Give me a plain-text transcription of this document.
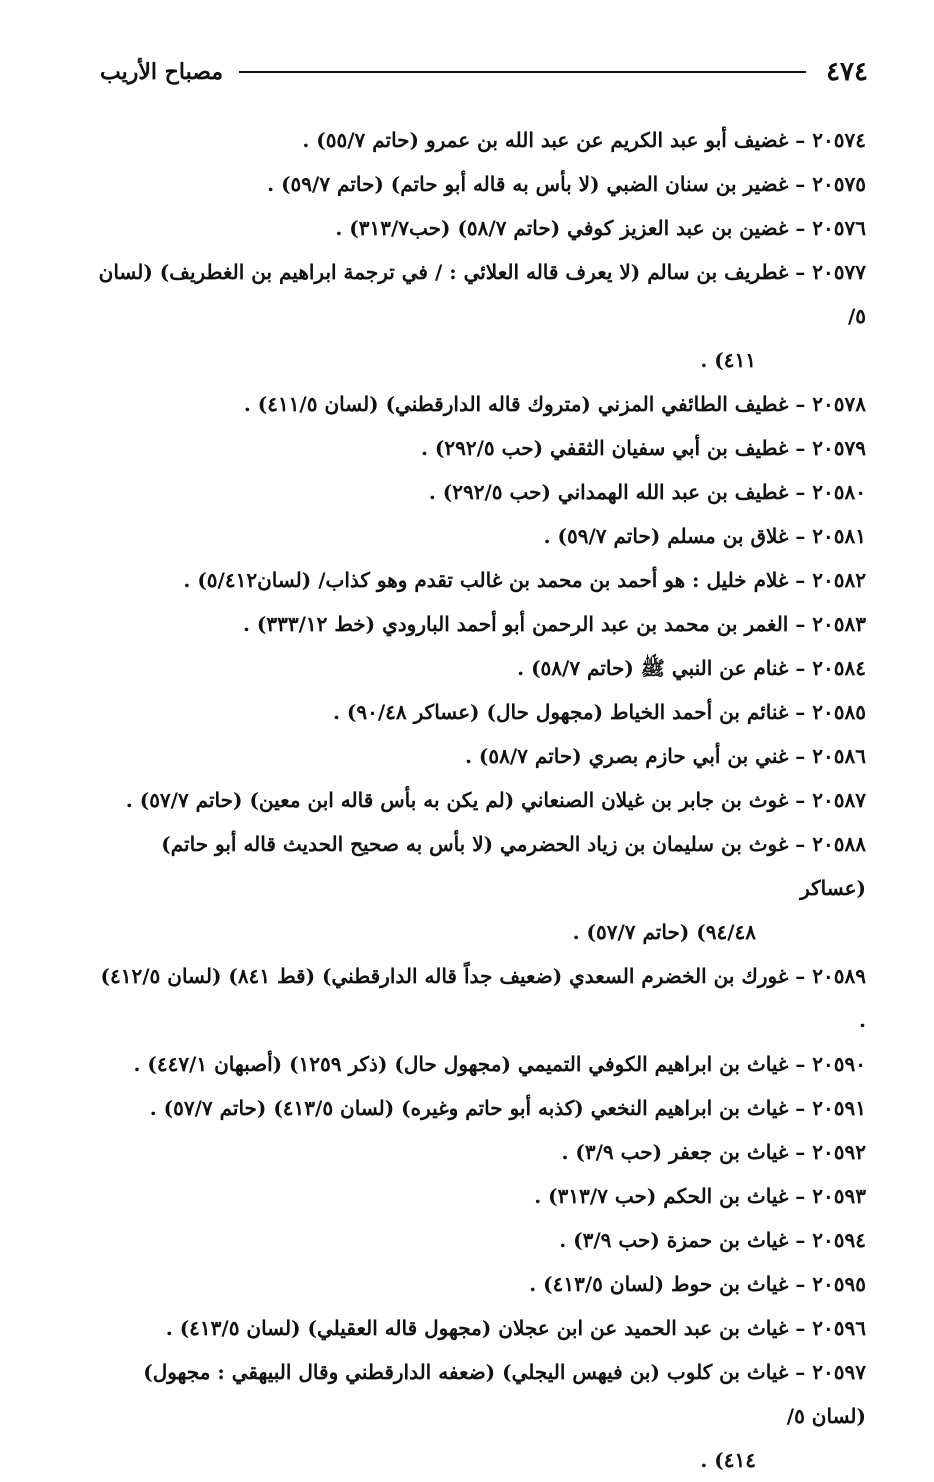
٤٧٤
مصباح الأريب

٢٠٥٧٤ – غضيف أبو عبد الكريم عن عبد الله بن عمرو (حاتم ٥٥/٧) .

٢٠٥٧٥ – غضير بن سنان الضبي (لا بأس به قاله أبو حاتم) (حاتم ٥٩/٧) .

٢٠٥٧٦ – غضين بن عبد العزيز كوفي (حاتم ٥٨/٧) (حب٣١٣/٧) .

٢٠٥٧٧ – غطريف بن سالم (لا يعرف قاله العلائي : / في ترجمة ابراهيم بن الغطريف) (لسان ٥/
٤١١) .

٢٠٥٧٨ – غطيف الطائفي المزني (متروك قاله الدارقطني) (لسان ٤١١/٥) .

٢٠٥٧٩ – غطيف بن أبي سفيان الثقفي (حب ٢٩٢/٥) .

٢٠٥٨٠ – غطيف بن عبد الله الهمداني (حب ٢٩٢/٥) .

٢٠٥٨١ – غلاق بن مسلم (حاتم ٥٩/٧) .

٢٠٥٨٢ – غلام خليل : هو أحمد بن محمد بن غالب تقدم وهو كذاب/ (لسان٥/٤١٢) .

٢٠٥٨٣ – الغمر بن محمد بن عبد الرحمن أبو أحمد البارودي (خط ٣٣٣/١٢) .

٢٠٥٨٤ – غنام عن النبي ﷺ (حاتم ٥٨/٧) .

٢٠٥٨٥ – غنائم بن أحمد الخياط (مجهول حال) (عساكر ٩٠/٤٨) .

٢٠٥٨٦ – غني بن أبي حازم بصري (حاتم ٥٨/٧) .

٢٠٥٨٧ – غوث بن جابر بن غيلان الصنعاني (لم يكن به بأس قاله ابن معين) (حاتم ٥٧/٧) .

٢٠٥٨٨ – غوث بن سليمان بن زياد الحضرمي (لا بأس به صحيح الحديث قاله أبو حاتم) (عساكر
٩٤/٤٨) (حاتم ٥٧/٧) .

٢٠٥٨٩ – غورك بن الخضرم السعدي (ضعيف جداً قاله الدارقطني) (قط ٨٤١) (لسان ٤١٢/٥) .

٢٠٥٩٠ – غياث بن ابراهيم الكوفي التميمي (مجهول حال) (ذكر ١٢٥٩) (أصبهان ٤٤٧/١) .

٢٠٥٩١ – غياث بن ابراهيم النخعي (كذبه أبو حاتم وغيره) (لسان ٤١٣/٥) (حاتم ٥٧/٧) .

٢٠٥٩٢ – غياث بن جعفر (حب ٣/٩) .

٢٠٥٩٣ – غياث بن الحكم (حب ٣١٣/٧) .

٢٠٥٩٤ – غياث بن حمزة (حب ٣/٩) .

٢٠٥٩٥ – غياث بن حوط (لسان ٤١٣/٥) .

٢٠٥٩٦ – غياث بن عبد الحميد عن ابن عجلان (مجهول قاله العقيلي) (لسان ٤١٣/٥) .

٢٠٥٩٧ – غياث بن كلوب (بن فيهس اليجلي) (ضعفه الدارقطني وقال البيهقي : مجهول) (لسان ٥/
٤١٤) .
